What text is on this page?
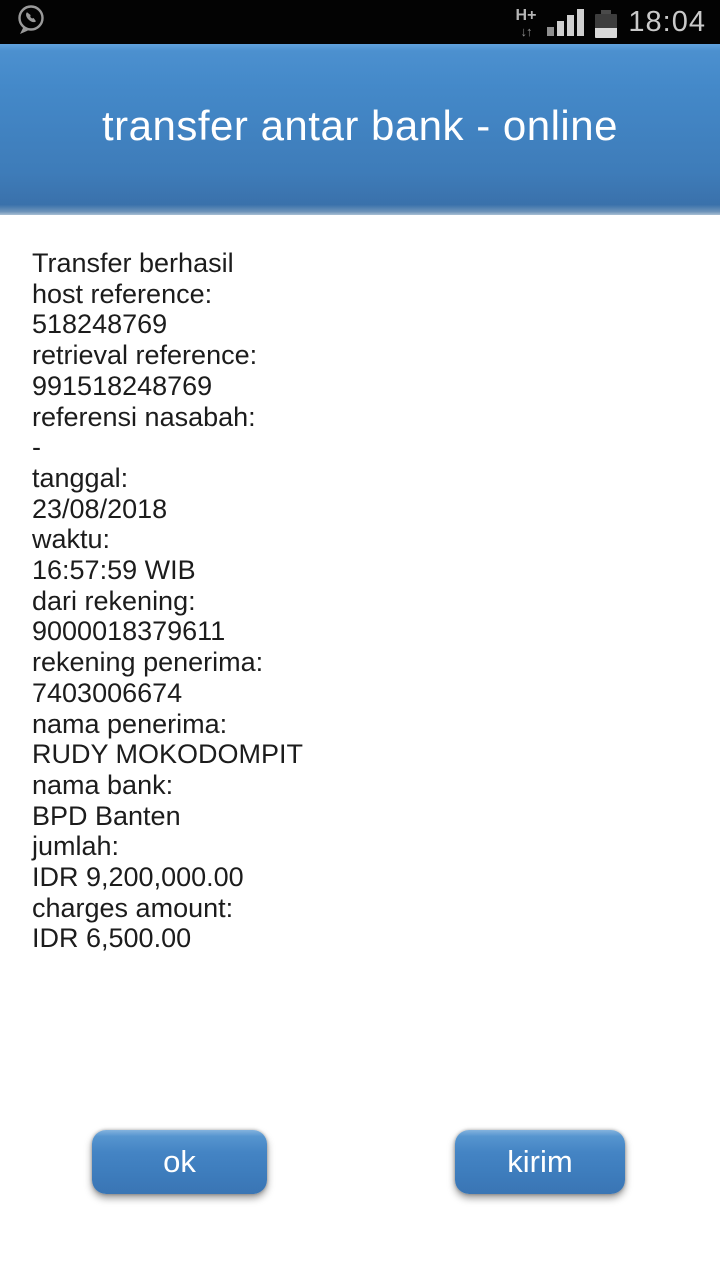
H+
↓↑	18:04
transfer antar bank - online
Transfer berhasil
host reference:
518248769
retrieval reference:
991518248769
referensi nasabah:
-
tanggal:
23/08/2018
waktu:
16:57:59 WIB
dari rekening:
9000018379611
rekening penerima:
7403006674
nama penerima:
RUDY MOKODOMPIT
nama bank:
BPD Banten
jumlah:
IDR 9,200,000.00
charges amount:
IDR 6,500.00
ok	kirim
